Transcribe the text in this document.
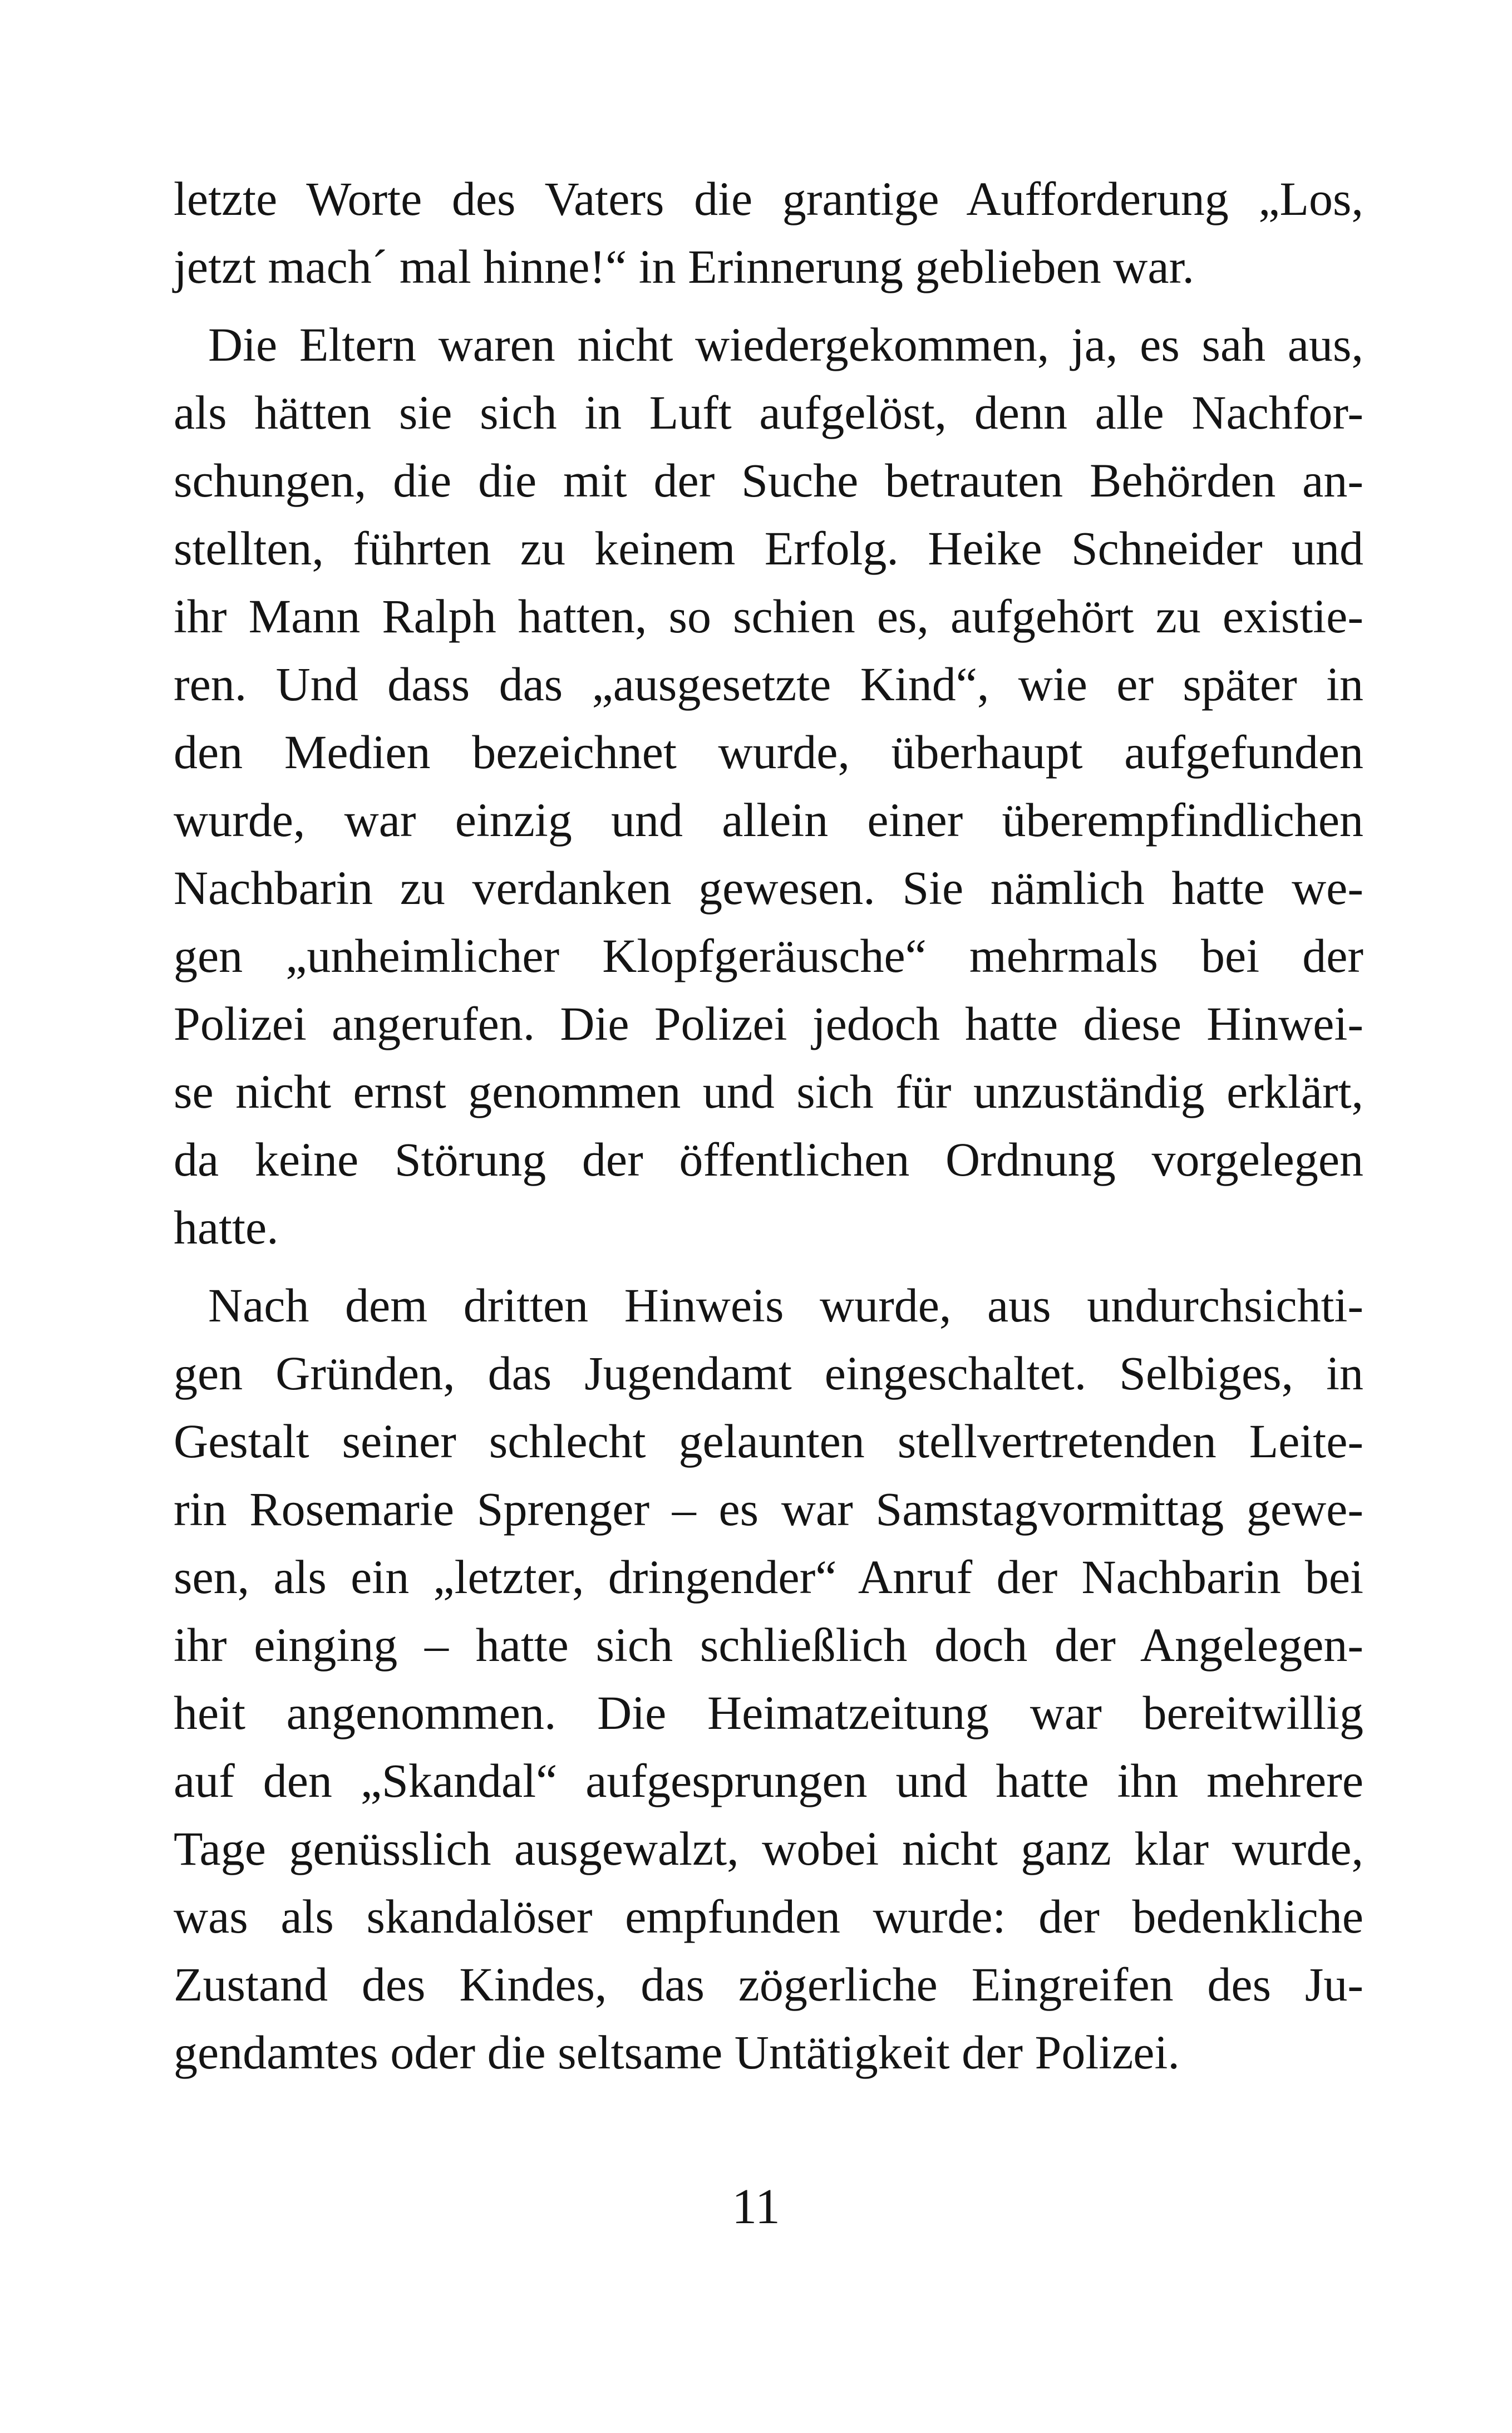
letzte Worte des Vaters die grantige Aufforderung „Los,
jetzt mach´ mal hinne!“ in Erinnerung geblieben war.
Die Eltern waren nicht wiedergekommen, ja, es sah aus,
als hätten sie sich in Luft aufgelöst, denn alle Nachfor-
schungen, die die mit der Suche betrauten Behörden an-
stellten, führten zu keinem Erfolg. Heike Schneider und
ihr Mann Ralph hatten, so schien es, aufgehört zu existie-
ren. Und dass das „ausgesetzte Kind“, wie er später in
den Medien bezeichnet wurde, überhaupt aufgefunden
wurde, war einzig und allein einer überempfindlichen
Nachbarin zu verdanken gewesen. Sie nämlich hatte we-
gen „unheimlicher Klopfgeräusche“ mehrmals bei der
Polizei angerufen. Die Polizei jedoch hatte diese Hinwei-
se nicht ernst genommen und sich für unzuständig erklärt,
da keine Störung der öffentlichen Ordnung vorgelegen
hatte.
Nach dem dritten Hinweis wurde, aus undurchsichti-
gen Gründen, das Jugendamt eingeschaltet. Selbiges, in
Gestalt seiner schlecht gelaunten stellvertretenden Leite-
rin Rosemarie Sprenger – es war Samstagvormittag gewe-
sen, als ein „letzter, dringender“ Anruf der Nachbarin bei
ihr einging – hatte sich schließlich doch der Angelegen-
heit angenommen. Die Heimatzeitung war bereitwillig
auf den „Skandal“ aufgesprungen und hatte ihn mehrere
Tage genüsslich ausgewalzt, wobei nicht ganz klar wurde,
was als skandalöser empfunden wurde: der bedenkliche
Zustand des Kindes, das zögerliche Eingreifen des Ju-
gendamtes oder die seltsame Untätigkeit der Polizei.
11
